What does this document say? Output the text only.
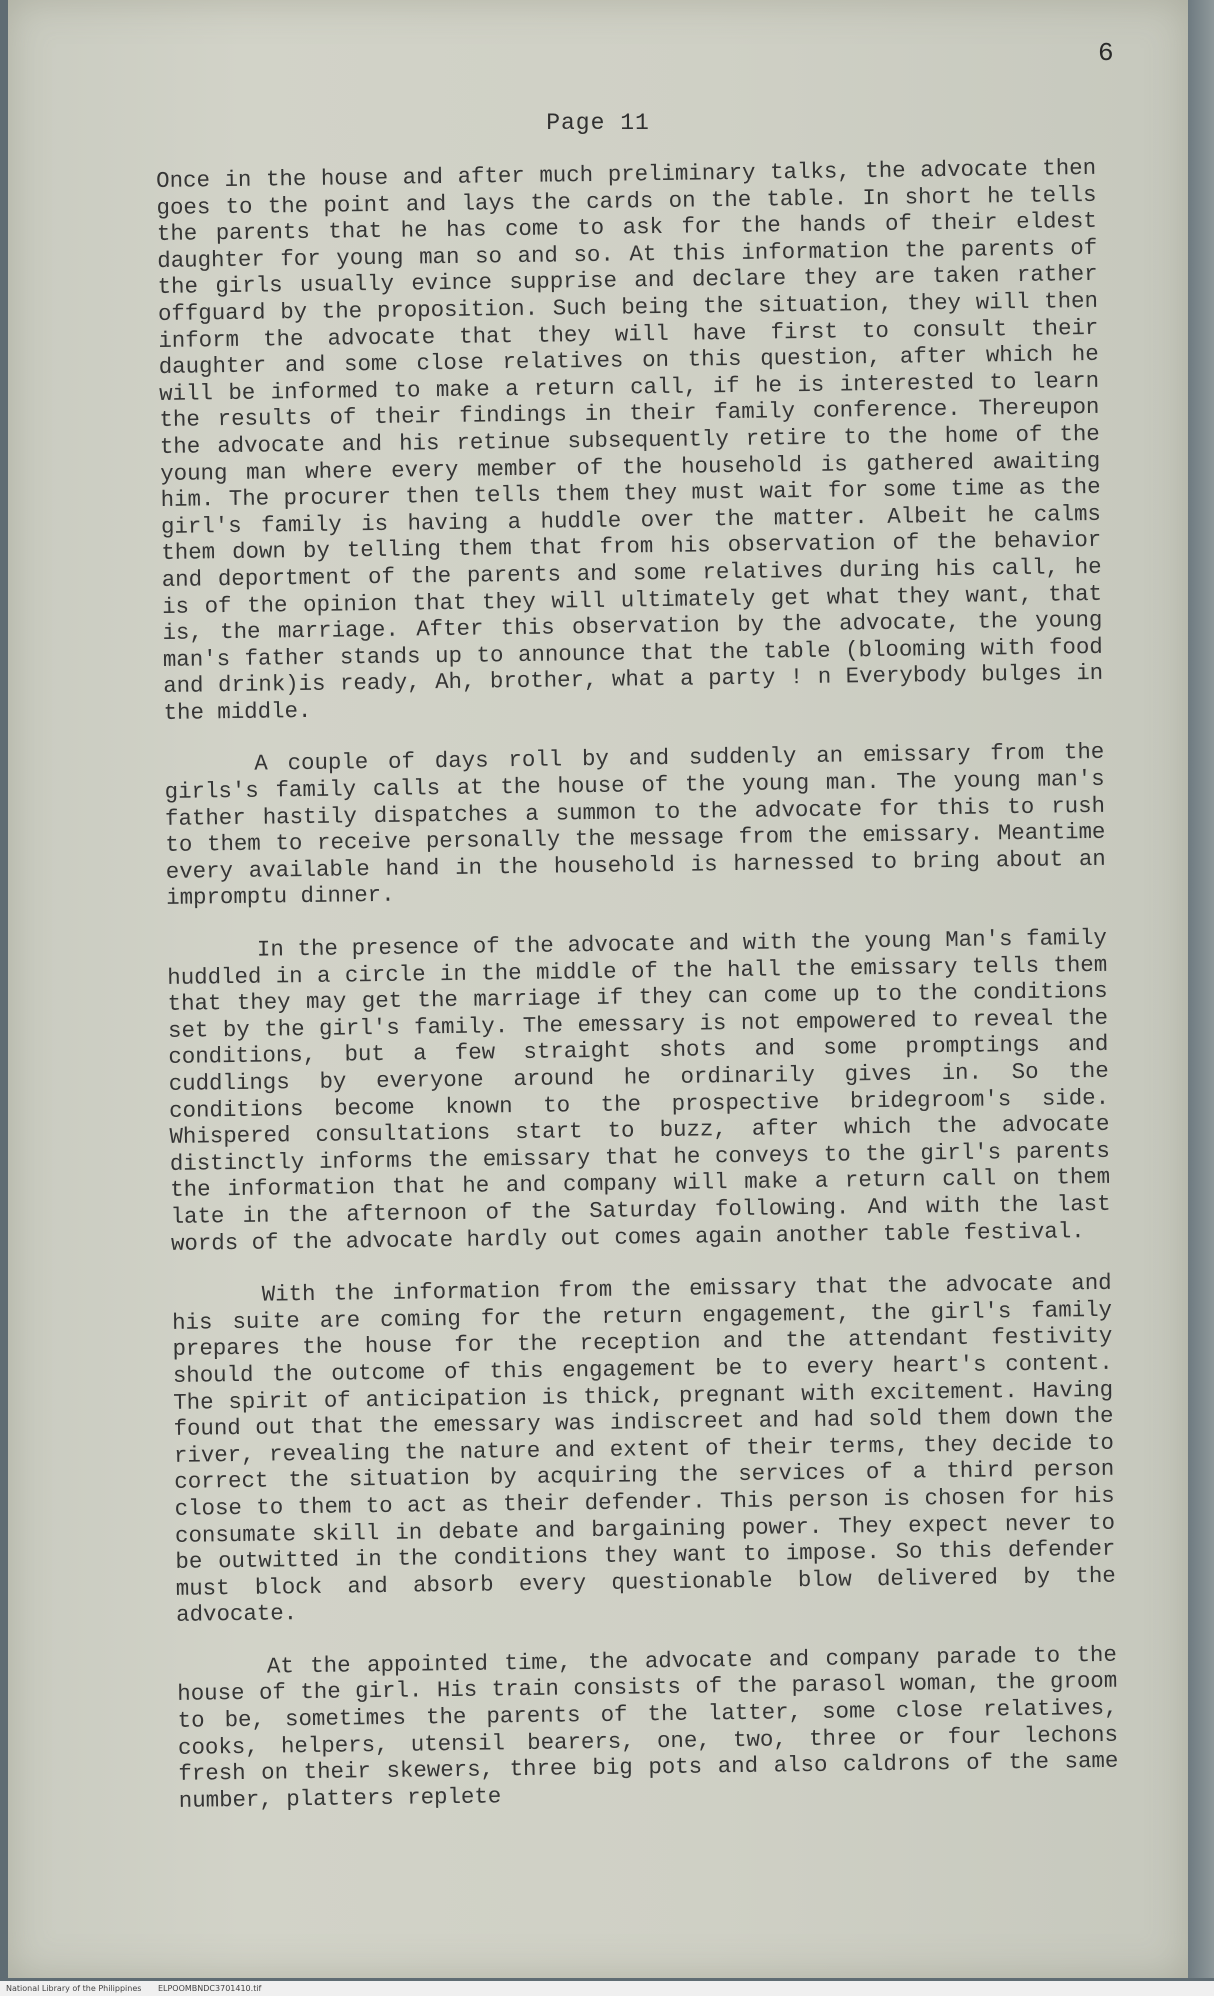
6
Page 11

Once in the house and after much preliminary talks, the advocate then goes to the point and lays the cards on the table. In short he tells the parents that he has come to ask for the hands of their eldest daughter for young man so and so. At this information the parents of the girls usually evince supprise and declare they are taken rather offguard by the proposition. Such being the situation, they will then inform the advocate that they will have first to consult their daughter and some close relatives on this question, after which he will be informed to make a return call, if he is interested to learn the results of their findings in their family conference. Thereupon the advocate and his retinue subsequently retire to the home of the young man where every member of the household is gathered awaiting him. The procurer then tells them they must wait for some time as the girl's family is having a huddle over the matter. Albeit he calms them down by telling them that from his observation of the behavior and deportment of the parents and some relatives during his call, he is of the opinion that they will ultimately get what they want, that is, the marriage. After this observation by the advocate, the young man's father stands up to announce that the table (blooming with food and drink)is ready, Ah, brother, what a party ! n Everybody bulges in the middle.

A couple of days roll by and suddenly an emissary from the girls's family calls at the house of the young man. The young man's father hastily dispatches a summon to the advocate for this to rush to them to receive personally the message from the emissary. Meantime every available hand in the household is harnessed to bring about an impromptu dinner.

In the presence of the advocate and with the young Man's family huddled in a circle in the middle of the hall the emissary tells them that they may get the marriage if they can come up to the conditions set by the girl's family. The emessary is not empowered to reveal the conditions, but a few straight shots and some promptings and cuddlings by everyone around he ordinarily gives in. So the conditions become known to the prospective bridegroom's side. Whispered consultations start to buzz, after which the advocate distinctly informs the emissary that he conveys to the girl's parents the information that he and company will make a return call on them late in the afternoon of the Saturday following. And with the last words of the advocate hardly out comes again another table festival.

With the information from the emissary that the advocate and his suite are coming for the return engagement, the girl's family prepares the house for the reception and the attendant festivity should the outcome of this engagement be to every heart's content. The spirit of anticipation is thick, pregnant with excitement. Having found out that the emessary was indiscreet and had sold them down the river, revealing the nature and extent of their terms, they decide to correct the situation by acquiring the services of a third person close to them to act as their defender. This person is chosen for his consumate skill in debate and bargaining power. They expect never to be outwitted in the conditions they want to impose. So this defender must block and absorb every questionable blow delivered by the advocate.

At the appointed time, the advocate and company parade to the house of the girl. His train consists of the parasol woman, the groom to be, sometimes the parents of the latter, some close relatives, cooks, helpers, utensil bearers, one, two, three or four lechons fresh on their skewers, three big pots and also caldrons of the same number, platters replete

National Library of the Philippines ELPOOMBNDC3701410.tif
